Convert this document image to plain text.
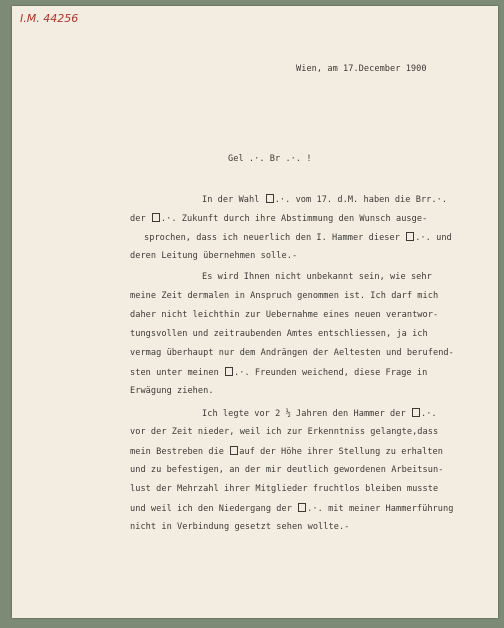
I.M. 44256
Wien, am 17.December 1900
Gel .·. Br .·. !
In der Wahl .·. vom 17. d.M. haben die Brr.·.
der .·. Zukunft durch ihre Abstimmung den Wunsch ausge-
sprochen, dass ich neuerlich den I. Hammer dieser .·. und
deren Leitung übernehmen solle.-
Es wird Ihnen nicht unbekannt sein, wie sehr
meine Zeit dermalen in Anspruch genommen ist. Ich darf mich
daher nicht leichthin zur Uebernahme eines neuen verantwor-
tungsvollen und zeitraubenden Amtes entschliessen, ja ich
vermag überhaupt nur dem Andrängen der Aeltesten und berufend-
sten unter meinen .·. Freunden weichend, diese Frage in
Erwägung ziehen.
Ich legte vor 2 ½ Jahren den Hammer der .·.
vor der Zeit nieder, weil ich zur Erkenntniss gelangte,dass
mein Bestreben die auf der Höhe ihrer Stellung zu erhalten
und zu befestigen, an der mir deutlich gewordenen Arbeitsun-
lust der Mehrzahl ihrer Mitglieder fruchtlos bleiben musste
und weil ich den Niedergang der .·. mit meiner Hammerführung
nicht in Verbindung gesetzt sehen wollte.-
